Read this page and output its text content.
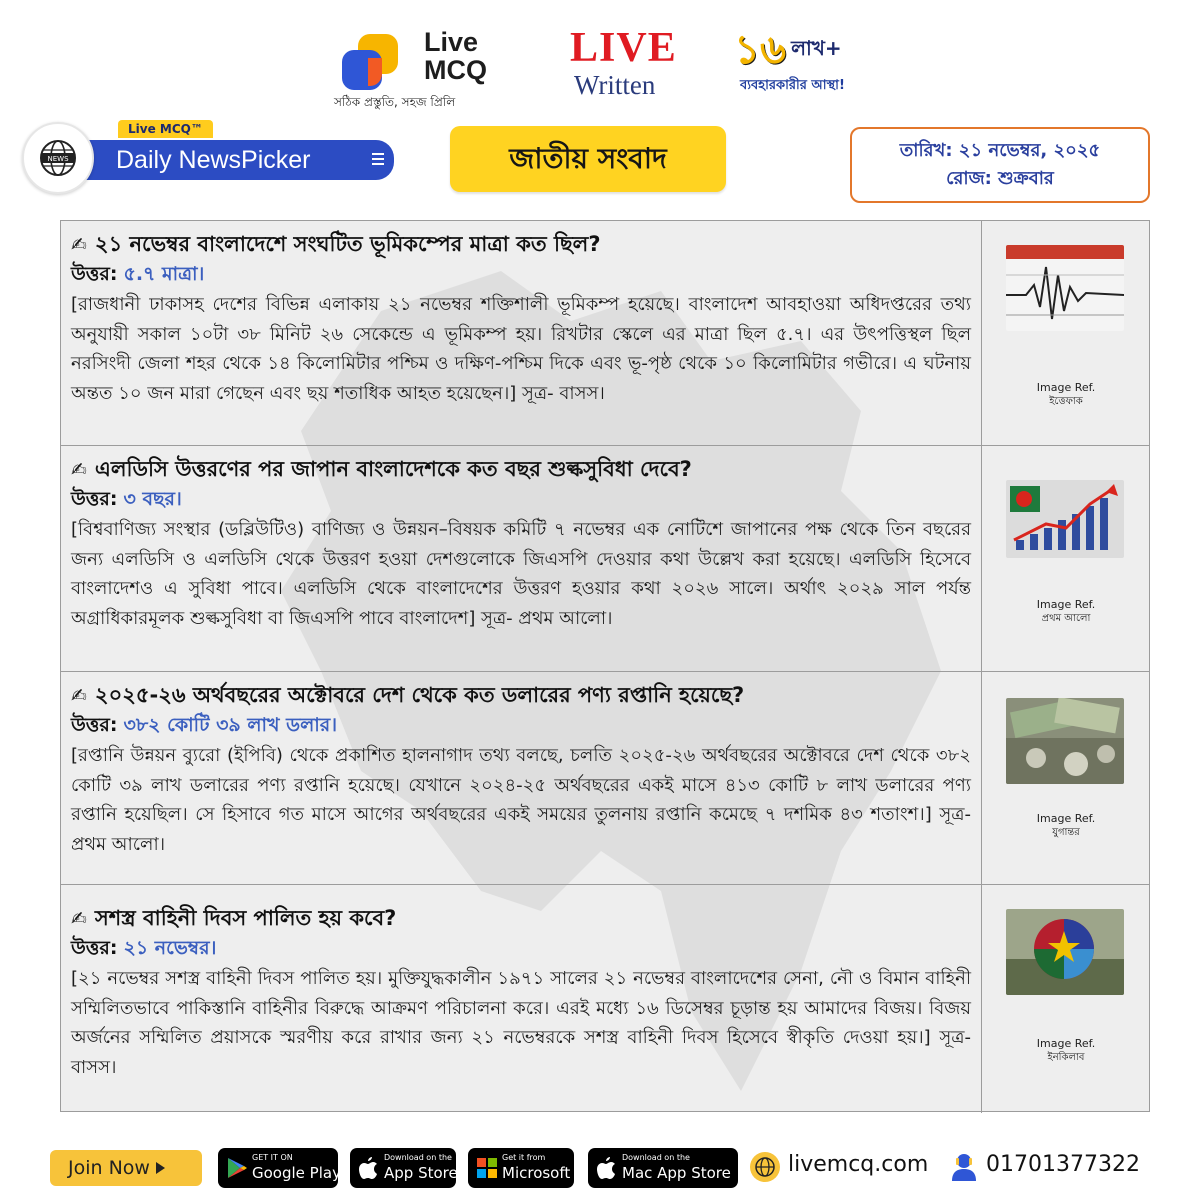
Live
MCQ
সঠিক প্রস্তুতি, সহজ প্রিলি
LIVE
Written
১৬ লাখ+
ব্যবহারকারীর আস্থা!
Daily NewsPicker
Live MCQ™
NEWS	জাতীয় সংবাদ	তারিখ: ২১ নভেম্বর, ২০২৫
রোজ: শুক্রবার
✍ ২১ নভেম্বর বাংলাদেশে সংঘটিত ভূমিকম্পের মাত্রা কত ছিল?
উত্তর: ৫.৭ মাত্রা।
[রাজধানী ঢাকাসহ দেশের বিভিন্ন এলাকায় ২১ নভেম্বর শক্তিশালী ভূমিকম্প হয়েছে। বাংলাদেশ আবহাওয়া অধিদপ্তরের তথ্য অনুযায়ী সকাল ১০টা ৩৮ মিনিট ২৬ সেকেন্ডে এ ভূমিকম্প হয়। রিখটার স্কেলে এর মাত্রা ছিল ৫.৭। এর উৎপত্তিস্থল ছিল নরসিংদী জেলা শহর থেকে ১৪ কিলোমিটার পশ্চিম ও দক্ষিণ-পশ্চিম দিকে এবং ভূ-পৃষ্ঠ থেকে ১০ কিলোমিটার গভীরে। এ ঘটনায় অন্তত ১০ জন মারা গেছেন এবং ছয় শতাধিক আহত হয়েছেন।] সূত্র- বাসস।	Image Ref.
ইত্তেফাক
✍ এলডিসি উত্তরণের পর জাপান বাংলাদেশকে কত বছর শুল্কসুবিধা দেবে?
উত্তর: ৩ বছর।
[বিশ্ববাণিজ্য সংস্থার (ডব্লিউটিও) বাণিজ্য ও উন্নয়ন–বিষয়ক কমিটি ৭ নভেম্বর এক নোটিশে জাপানের পক্ষ থেকে তিন বছরের জন্য এলডিসি ও এলডিসি থেকে উত্তরণ হওয়া দেশগুলোকে জিএসপি দেওয়ার কথা উল্লেখ করা হয়েছে। এলডিসি হিসেবে বাংলাদেশও এ সুবিধা পাবে। এলডিসি থেকে বাংলাদেশের উত্তরণ হওয়ার কথা ২০২৬ সালে। অর্থাৎ ২০২৯ সাল পর্যন্ত অগ্রাধিকারমূলক শুল্কসুবিধা বা জিএসপি পাবে বাংলাদেশ] সূত্র- প্রথম আলো।
Image Ref.
প্রথম আলো
✍ ২০২৫-২৬ অর্থবছরের অক্টোবরে দেশ থেকে কত ডলারের পণ্য রপ্তানি হয়েছে?
উত্তর: ৩৮২ কোটি ৩৯ লাখ ডলার।
[রপ্তানি উন্নয়ন ব্যুরো (ইপিবি) থেকে প্রকাশিত হালনাগাদ তথ্য বলছে, চলতি ২০২৫-২৬ অর্থবছরের অক্টোবরে দেশ থেকে ৩৮২ কোটি ৩৯ লাখ ডলারের পণ্য রপ্তানি হয়েছে। যেখানে ২০২৪-২৫ অর্থবছরের একই মাসে ৪১৩ কোটি ৮ লাখ ডলারের পণ্য রপ্তানি হয়েছিল। সে হিসাবে গত মাসে আগের অর্থবছরের একই সময়ের তুলনায় রপ্তানি কমেছে ৭ দশমিক ৪৩ শতাংশ।] সূত্র- প্রথম আলো।
Image Ref.
যুগান্তর
✍ সশস্ত্র বাহিনী দিবস পালিত হয় কবে?
উত্তর: ২১ নভেম্বর।
[২১ নভেম্বর সশস্ত্র বাহিনী দিবস পালিত হয়। মুক্তিযুদ্ধকালীন ১৯৭১ সালের ২১ নভেম্বর বাংলাদেশের সেনা, নৌ ও বিমান বাহিনী সম্মিলিতভাবে পাকিস্তানি বাহিনীর বিরুদ্ধে আক্রমণ পরিচালনা করে। এরই মধ্যে ১৬ ডিসেম্বর চূড়ান্ত হয় আমাদের বিজয়। বিজয় অর্জনের সম্মিলিত প্রয়াসকে স্মরণীয় করে রাখার জন্য ২১ নভেম্বরকে সশস্ত্র বাহিনী দিবস হিসেবে স্বীকৃতি দেওয়া হয়।] সূত্র- বাসস।
Image Ref.
ইনকিলাব
Join Now	GET IT ON
Google Play
Download on the
App Store
Get it from
Microsoft
Download on the
Mac App Store	livemcq.com	01701377322
